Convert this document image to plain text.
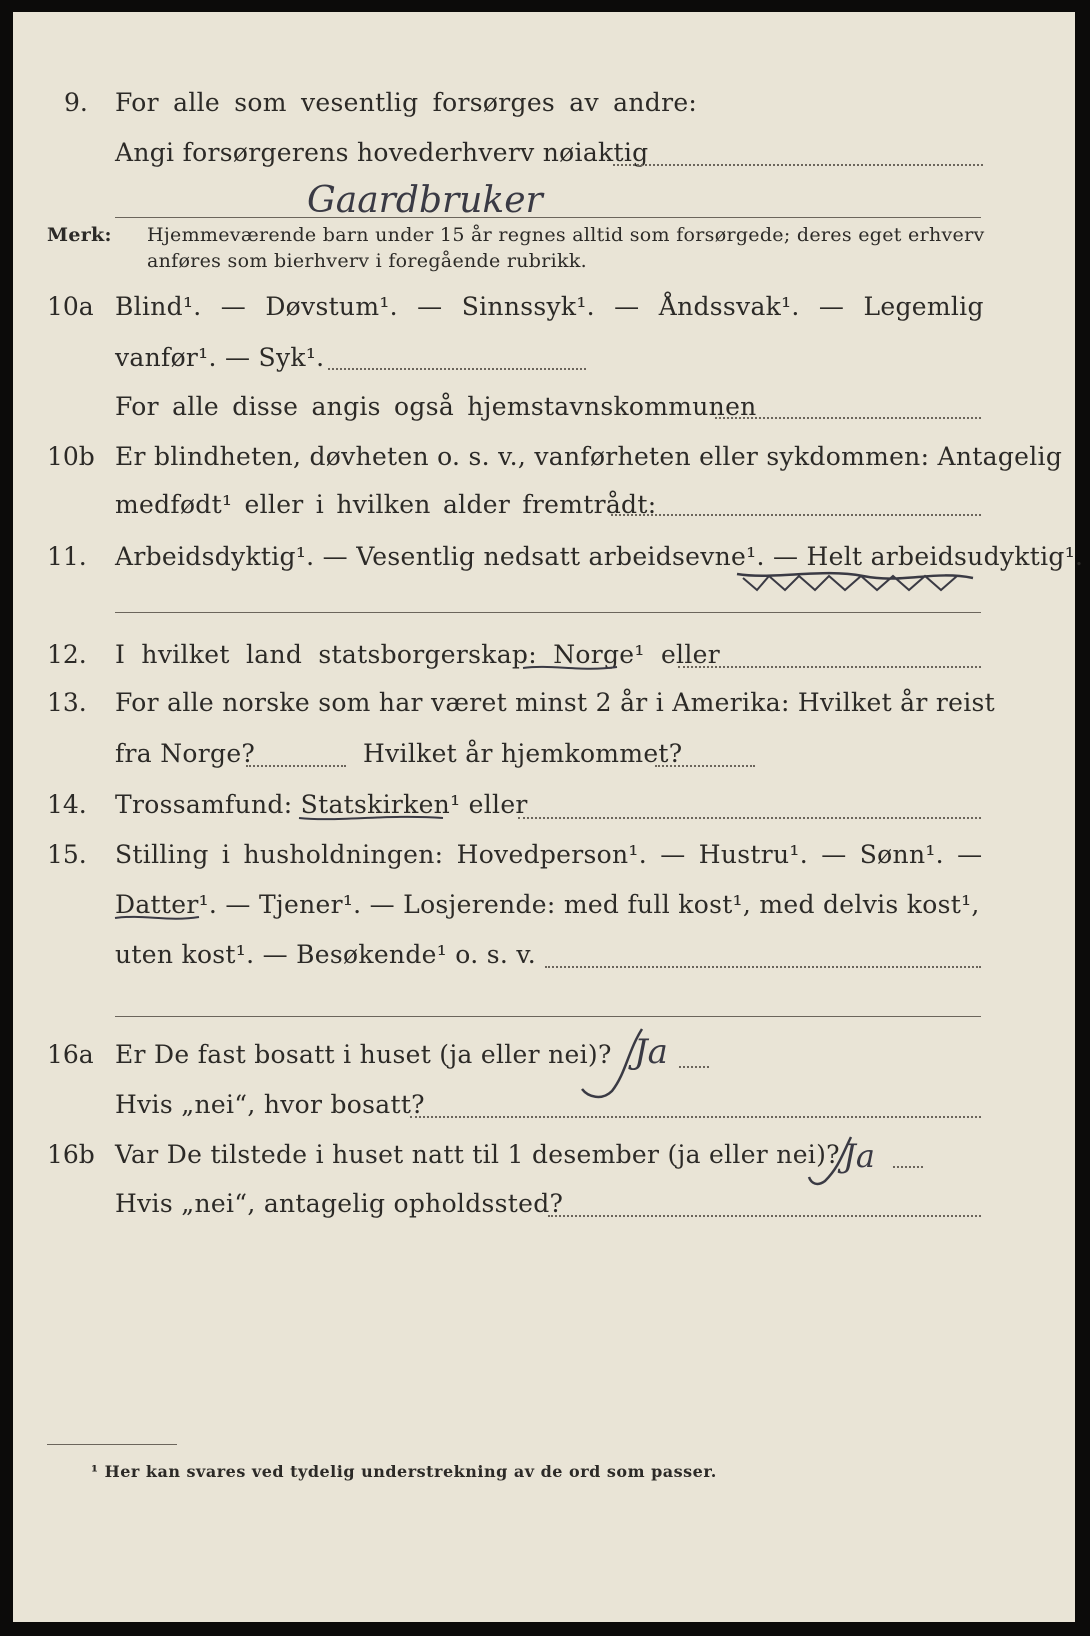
9. For alle som vesentlig forsørges av andre:
Angi forsørgerens hovederhverv nøiaktig
Gaardbruker
Merk: Hjemmeværende barn under 15 år regnes alltid som forsørgede; deres eget erhverv
anføres som bierhverv i foregående rubrikk.
10a Blind¹. — Døvstum¹. — Sinnssyk¹. — Åndssvak¹. — Legemlig
vanfør¹. — Syk¹.
For alle disse angis også hjemstavnskommunen
10b Er blindheten, døvheten o. s. v., vanførheten eller sykdommen: Antagelig
medfødt¹ eller i hvilken alder fremtrådt:
11. Arbeidsdyktig¹. — Vesentlig nedsatt arbeidsevne¹. — Helt arbeidsudyktig¹.
12. I hvilket land statsborgerskap: Norge¹ eller
13. For alle norske som har været minst 2 år i Amerika: Hvilket år reist
fra Norge?	Hvilket år hjemkommet?
14. Trossamfund: Statskirken¹ eller
15. Stilling i husholdningen: Hovedperson¹. — Hustru¹. — Sønn¹. —
Datter¹. — Tjener¹. — Losjerende: med full kost¹, med delvis kost¹,
uten kost¹. — Besøkende¹ o. s. v.
16a Er De fast bosatt i huset (ja eller nei)? Ja
Hvis „nei“, hvor bosatt?
16b Var De tilstede i huset natt til 1 desember (ja eller nei)? Ja
Hvis „nei“, antagelig opholdssted?
¹ Her kan svares ved tydelig understrekning av de ord som passer.
